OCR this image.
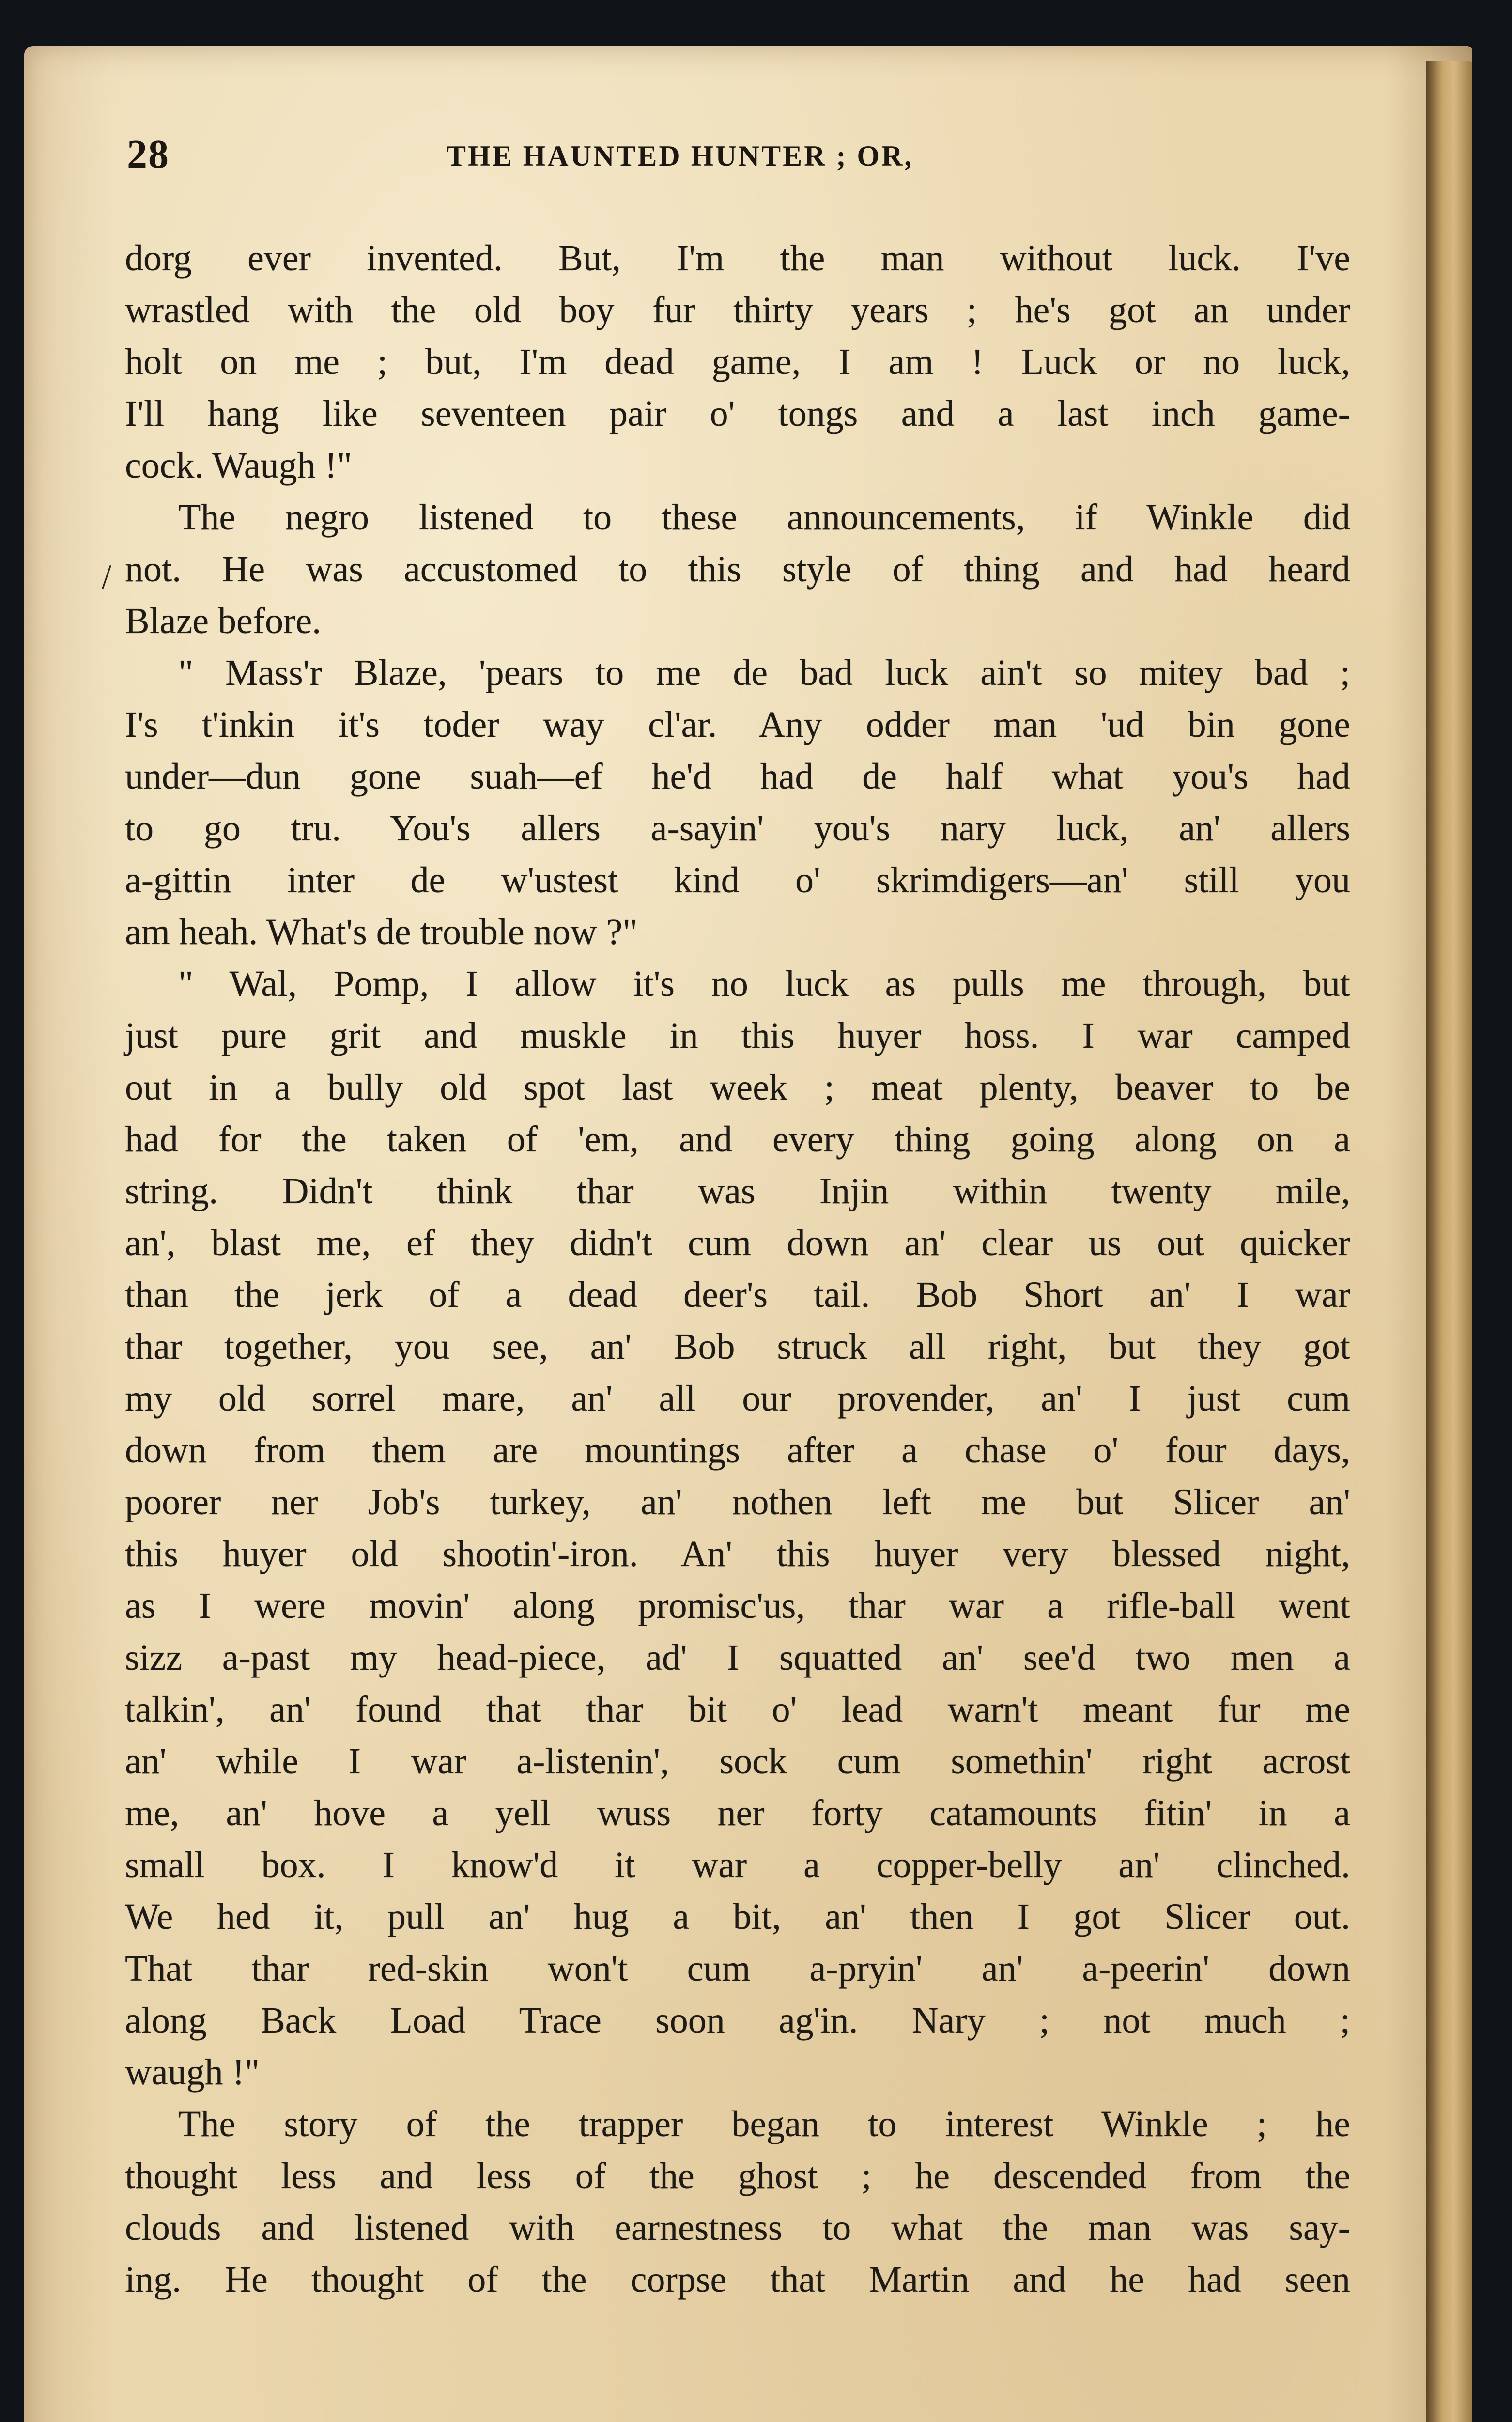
28	THE HAUNTED HUNTER ; OR,
/
dorg ever invented. But, I'm the man without luck. I've
wrastled with the old boy fur thirty years ; he's got an under
holt on me ; but, I'm dead game, I am ! Luck or no luck,
I'll hang like seventeen pair o' tongs and a last inch game-
cock. Waugh !"
The negro listened to these announcements, if Winkle did
not. He was accustomed to this style of thing and had heard
Blaze before.
" Mass'r Blaze, 'pears to me de bad luck ain't so mitey bad ;
I's t'inkin it's toder way cl'ar. Any odder man 'ud bin gone
under—dun gone suah—ef he'd had de half what you's had
to go tru. You's allers a-sayin' you's nary luck, an' allers
a-gittin inter de w'ustest kind o' skrimdigers—an' still you
am heah. What's de trouble now ?"
" Wal, Pomp, I allow it's no luck as pulls me through, but
just pure grit and muskle in this huyer hoss. I war camped
out in a bully old spot last week ; meat plenty, beaver to be
had for the taken of 'em, and every thing going along on a
string. Didn't think thar was Injin within twenty mile,
an', blast me, ef they didn't cum down an' clear us out quicker
than the jerk of a dead deer's tail. Bob Short an' I war
thar together, you see, an' Bob struck all right, but they got
my old sorrel mare, an' all our provender, an' I just cum
down from them are mountings after a chase o' four days,
poorer ner Job's turkey, an' nothen left me but Slicer an'
this huyer old shootin'-iron. An' this huyer very blessed night,
as I were movin' along promisc'us, thar war a rifle-ball went
sizz a-past my head-piece, ad' I squatted an' see'd two men a
talkin', an' found that thar bit o' lead warn't meant fur me
an' while I war a-listenin', sock cum somethin' right acrost
me, an' hove a yell wuss ner forty catamounts fitin' in a
small box. I know'd it war a copper-belly an' clinched.
We hed it, pull an' hug a bit, an' then I got Slicer out.
That thar red-skin won't cum a-pryin' an' a-peerin' down
along Back Load Trace soon ag'in. Nary ; not much ;
waugh !"
The story of the trapper began to interest Winkle ; he
thought less and less of the ghost ; he descended from the
clouds and listened with earnestness to what the man was say-
ing. He thought of the corpse that Martin and he had seen
